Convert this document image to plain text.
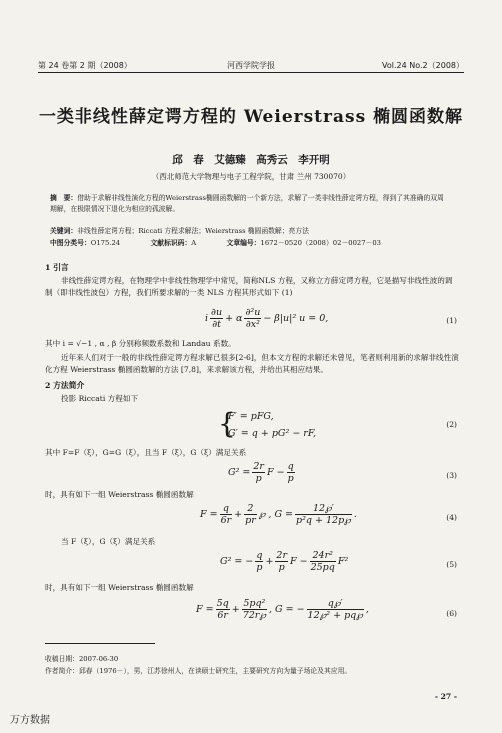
第 24 卷第 2 期（2008）	河西学院学报	Vol.24 No.2（2008）
一类非线性薛定谔方程的 Weierstrass 椭圆函数解
邱　春　艾德臻　高秀云　李开明
（西北师范大学物理与电子工程学院，甘肃 兰州 730070）
摘　要：借助于求解非线性演化方程的Weierstrass椭圆函数解的一个新方法，求解了一类非线性薛定谔方程，得到了其准确的双周期解，在极限情况下退化为相应的孤波解。
关键词：非线性薛定谔方程；Riccati 方程求解法；Weierstrass 椭圆函数解；亮方法
中图分类号：O175.24	文献标识码：A	文章编号：1672－0520（2008）02－0027－03
1 引言
非线性薛定谔方程，在物理学中非线性物理学中常见，简称NLS 方程，又称立方薛定谔方程，它是描写非线性波的调制（即非线性波包）方程，我们所要求解的一类 NLS 方程其形式如下 (1)
i $\frac{\partial u}{\partial t} + \alpha \frac{\text{∂²u}}{\text{∂x²}} - \beta|u|^2$ u = 0,	(1)
其中 i = √−1 , α , β 分别称频数系数和 Landau 系数。
近年来人们对于一般的非线性薛定谔方程求解已很多[2-6]，但本文方程的求解还未曾见，笔者则利用新的求解非线性演化方程 Weierstrass 椭圆函数解的方法 [7,8]，来求解该方程，并给出其相应结果。
2 方法简介
投影 Riccati 方程如下
{
F′ = pFG,
G′ = q + pG² − rF,
(2)
其中 F=F（ξ），G=G（ξ），且当 F（ξ），G（ξ）满足关系
$G^2 = \frac{2r}{p}$ $F - \frac{q}{p}$	(3)
时，具有如下一组 Weierstrass 椭圆函数解
$F = \frac{q}{6r} + \frac{2}{pr}$ ℘ , $G = \frac{12℘'}{\text{p²q + 12p℘}}$ .	(4)
当 F（ξ），G（ξ）满足关系
G² = − $\frac{q}{p} + \frac{2r}{p}$ $F - \frac{\text{24r²}}{25pq} F^2$	(5)
时，具有如下一组 Weierstrass 椭圆函数解
$F = \frac{5q}{6r} + \frac{\text{5pq²}}{72r℘}$ , G = − $\frac{q℘'}{\text{12℘² + pq℘}}$ ,	(6)
收稿日期：2007-06-30
作者简介：邱春（1976－），男，江苏徐州人，在读硕士研究生，主要研究方向为量子场论及其应用。
- 27 -
万方数据
